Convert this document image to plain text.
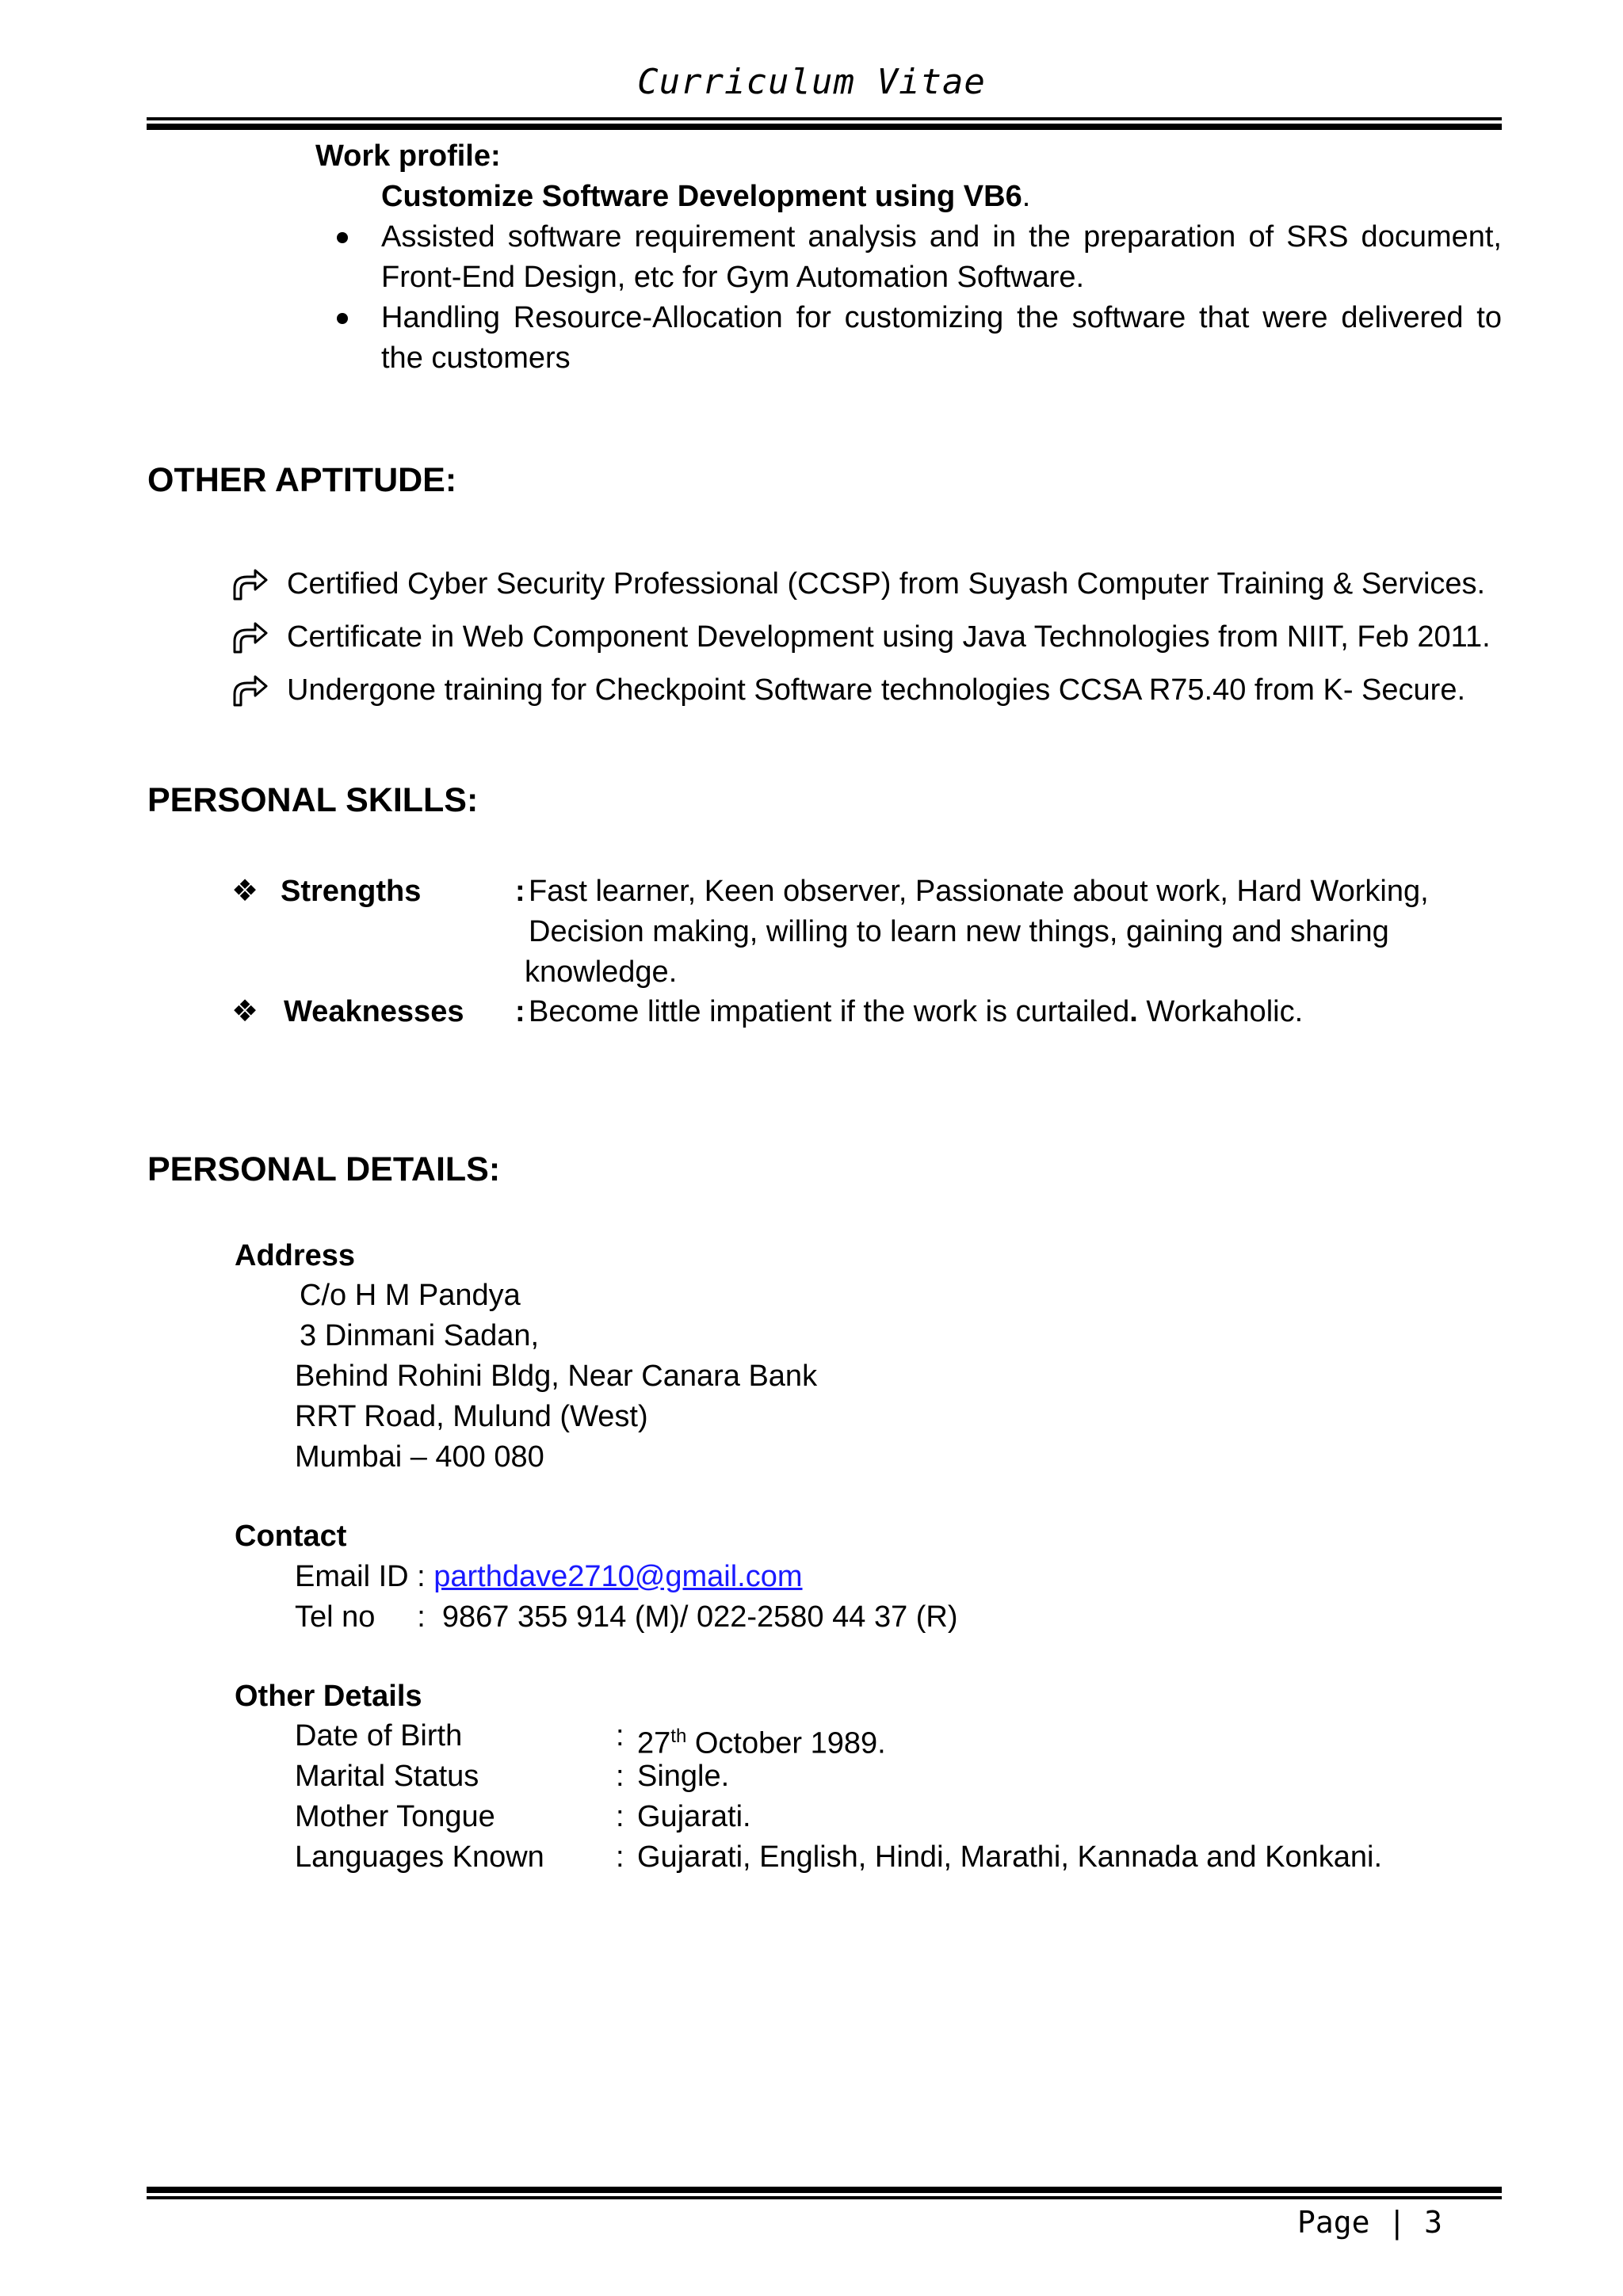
Curriculum Vitae
Work profile:
Customize Software Development using VB6.
Assisted software requirement analysis and in the preparation of SRS document, Front-End Design, etc for Gym Automation Software.
Handling Resource-Allocation for customizing the software that were delivered to the customers
OTHER APTITUDE:
Certified Cyber Security Professional (CCSP) from Suyash Computer Training & Services.
Certificate in Web Component Development using Java Technologies from NIIT, Feb 2011.
Undergone training for Checkpoint Software technologies CCSA R75.40 from K- Secure.
PERSONAL SKILLS:
❖ Strengths	: Fast learner, Keen observer, Passionate about work, Hard Working,
Decision making, willing to learn new things, gaining and sharing
knowledge.
❖ Weaknesses : Become little impatient if the work is curtailed. Workaholic.
PERSONAL DETAILS:
Address
C/o H M Pandya
3 Dinmani Sadan,
Behind Rohini Bldg, Near Canara Bank
RRT Road, Mulund (West)
Mumbai – 400 080
Contact
Email ID : parthdave2710@gmail.com
Tel no     :  9867 355 914 (M)/ 022-2580 44 37 (R)
Other Details
Date of Birth	: 27th October 1989.
Marital Status	: Single.
Mother Tongue	: Gujarati.
Languages Known : Gujarati, English, Hindi, Marathi, Kannada and Konkani.
Page | 3
